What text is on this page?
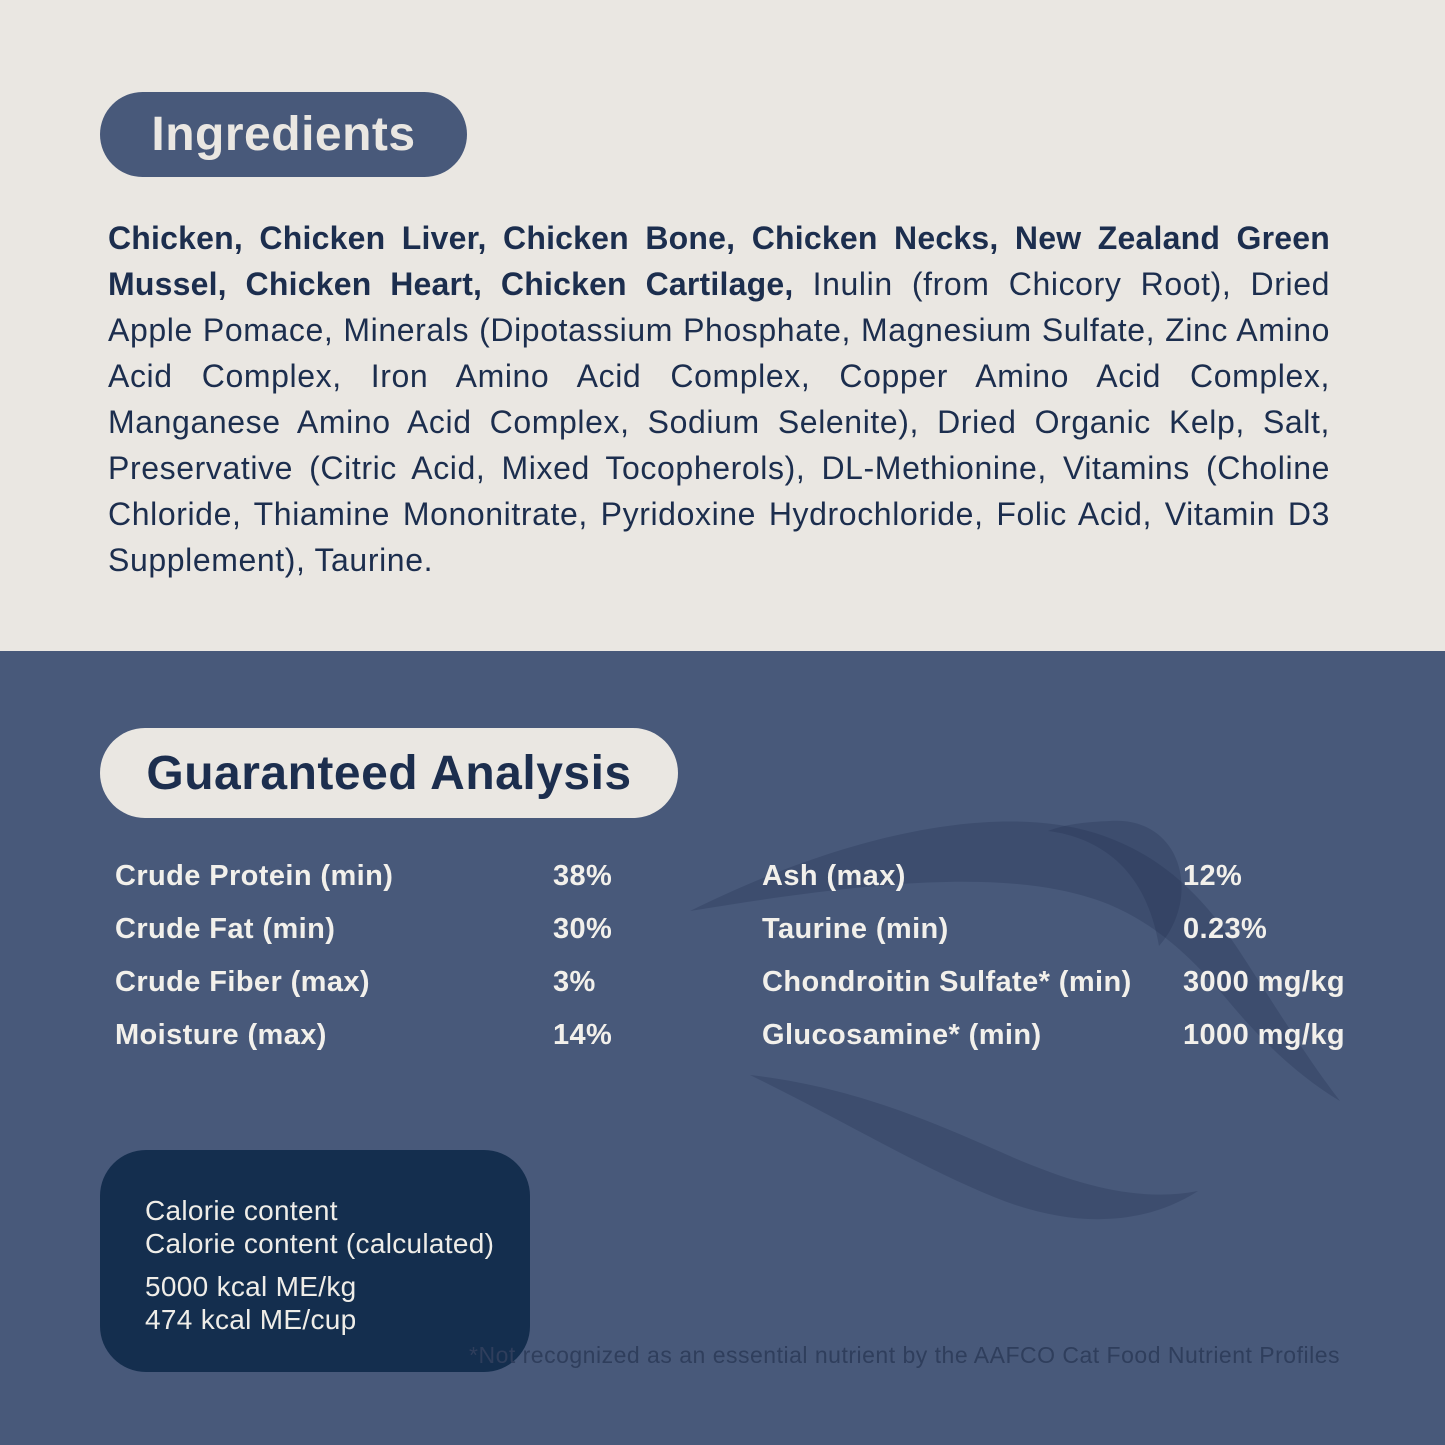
Ingredients

Chicken, Chicken Liver, Chicken Bone, Chicken Necks, New Zealand Green Mussel, Chicken Heart, Chicken Cartilage, Inulin (from Chicory Root), Dried Apple Pomace, Minerals (Dipotassium Phosphate, Magnesium Sulfate, Zinc Amino Acid Complex, Iron Amino Acid Complex, Copper Amino Acid Complex, Manganese Amino Acid Complex, Sodium Selenite), Dried Organic Kelp, Salt, Preservative (Citric Acid, Mixed Tocopherols), DL-Methionine, Vitamins (Choline Chloride, Thiamine Mononitrate, Pyridoxine Hydrochloride, Folic Acid, Vitamin D3 Supplement), Taurine.

Guaranteed Analysis
Crude Protein (min)	38%
Crude Fat (min)	30%
Crude Fiber (max)	3%
Moisture (max)	14%
Ash (max)	12%
Taurine (min)	0.23%
Chondroitin Sulfate* (min) 3000 mg/kg
Glucosamine* (min)	1000 mg/kg
Calorie content
Calorie content (calculated)
5000 kcal ME/kg
474 kcal ME/cup

*Not recognized as an essential nutrient by the AAFCO Cat Food Nutrient Profiles
